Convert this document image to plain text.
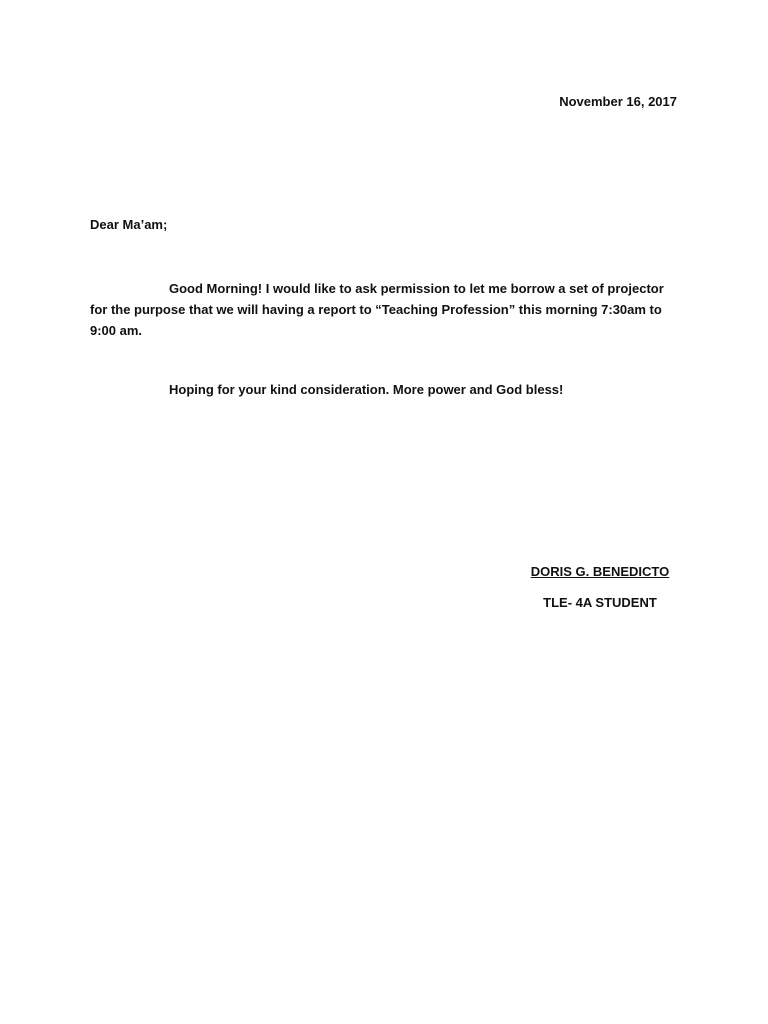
November 16, 2017
Dear Ma’am;
Good Morning! I would like to ask permission to let me borrow a set of projector for the purpose that we will having a report to “Teaching Profession” this morning 7:30am to 9:00 am.
Hoping for your kind consideration. More power and God bless!
DORIS G. BENEDICTO
TLE- 4A STUDENT
